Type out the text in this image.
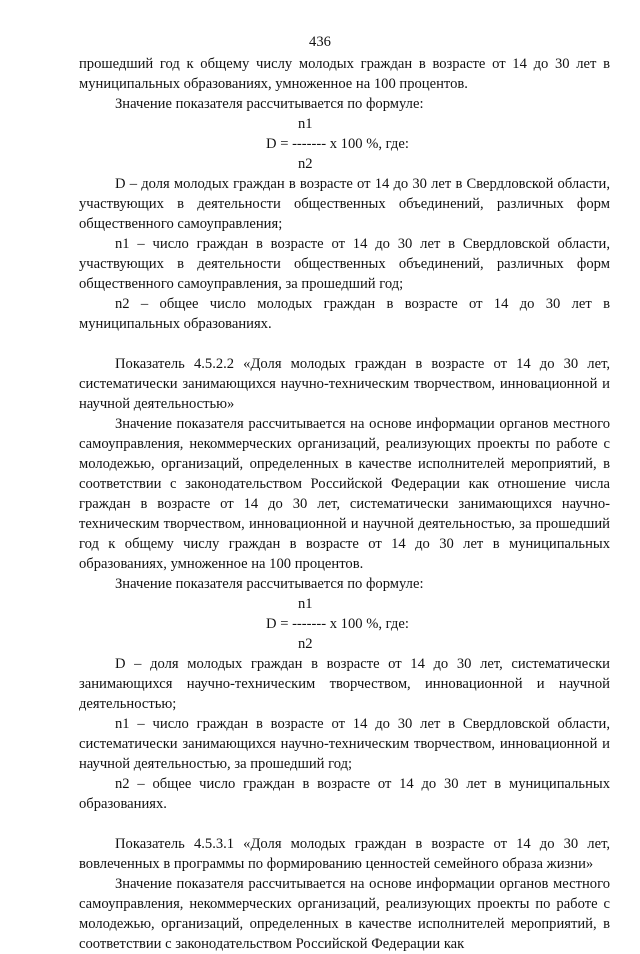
436

прошедший год к общему числу молодых граждан в возрасте от 14 до 30 лет в муниципальных образованиях, умноженное на 100 процентов.

Значение показателя рассчитывается по формуле:

n1
D = ------- х 100 %, где:
n2

D – доля молодых граждан в возрасте от 14 до 30 лет в Свердловской области, участвующих в деятельности общественных объединений, различных форм общественного самоуправления;

n1 – число граждан в возрасте от 14 до 30 лет в Свердловской области, участвующих в деятельности общественных объединений, различных форм общественного самоуправления, за прошедший год;

n2 – общее число молодых граждан в возрасте от 14 до 30 лет в муниципальных образованиях.

Показатель 4.5.2.2 «Доля молодых граждан в возрасте от 14 до 30 лет, систематически занимающихся научно-техническим творчеством, инновационной и научной деятельностью»

Значение показателя рассчитывается на основе информации органов местного самоуправления, некоммерческих организаций, реализующих проекты по работе с молодежью, организаций, определенных в качестве исполнителей мероприятий, в соответствии с законодательством Российской Федерации как отношение числа граждан в возрасте от 14 до 30 лет, систематически занимающихся научно-техническим творчеством, инновационной и научной деятельностью, за прошедший год к общему числу граждан в возрасте от 14 до 30 лет в муниципальных образованиях, умноженное на 100 процентов.

Значение показателя рассчитывается по формуле:

n1
D = ------- х 100 %, где:
n2

D – доля молодых граждан в возрасте от 14 до 30 лет, систематически занимающихся научно-техническим творчеством, инновационной и научной деятельностью;

n1 – число граждан в возрасте от 14 до 30 лет в Свердловской области, систематически занимающихся научно-техническим творчеством, инновационной и научной деятельностью, за прошедший год;

n2 – общее число граждан в возрасте от 14 до 30 лет в муниципальных образованиях.

Показатель 4.5.3.1 «Доля молодых граждан в возрасте от 14 до 30 лет, вовлеченных в программы по формированию ценностей семейного образа жизни»

Значение показателя рассчитывается на основе информации органов местного самоуправления, некоммерческих организаций, реализующих проекты по работе с молодежью, организаций, определенных в качестве исполнителей мероприятий, в соответствии с законодательством Российской Федерации как
